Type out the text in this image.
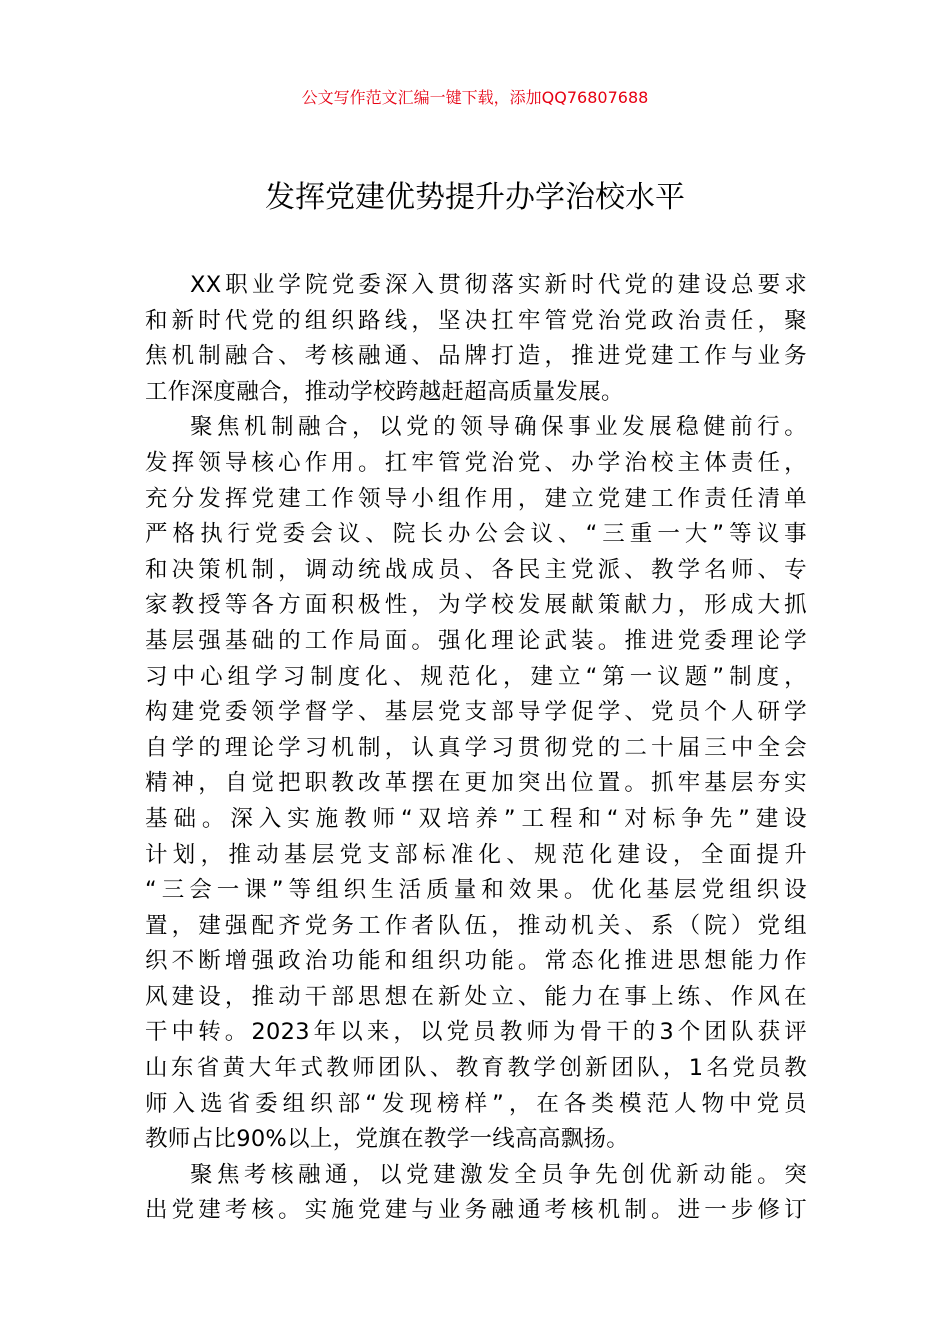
公文写作范文汇编一键下载，添加QQ76807688
发挥党建优势提升办学治校水平
XX职业学院党委深入贯彻落实新时代党的建设总要求
和新时代党的组织路线，坚决扛牢管党治党政治责任，聚
焦机制融合、考核融通、品牌打造，推进党建工作与业务
工作深度融合，推动学校跨越赶超高质量发展。
聚焦机制融合，以党的领导确保事业发展稳健前行。
发挥领导核心作用。扛牢管党治党、办学治校主体责任，
充分发挥党建工作领导小组作用，建立党建工作责任清单
严格执行党委会议、院长办公会议、“三重一大”等议事
和决策机制，调动统战成员、各民主党派、教学名师、专
家教授等各方面积极性，为学校发展献策献力，形成大抓
基层强基础的工作局面。强化理论武装。推进党委理论学
习中心组学习制度化、规范化，建立“第一议题”制度，
构建党委领学督学、基层党支部导学促学、党员个人研学
自学的理论学习机制，认真学习贯彻党的二十届三中全会
精神，自觉把职教改革摆在更加突出位置。抓牢基层夯实
基础。深入实施教师“双培养”工程和“对标争先”建设
计划，推动基层党支部标准化、规范化建设，全面提升
“三会一课”等组织生活质量和效果。优化基层党组织设
置，建强配齐党务工作者队伍，推动机关、系（院）党组
织不断增强政治功能和组织功能。常态化推进思想能力作
风建设，推动干部思想在新处立、能力在事上练、作风在
干中转。2023年以来，以党员教师为骨干的3个团队获评
山东省黄大年式教师团队、教育教学创新团队，1名党员教
师入选省委组织部“发现榜样”，在各类模范人物中党员
教师占比90%以上，党旗在教学一线高高飘扬。
聚焦考核融通，以党建激发全员争先创优新动能。突
出党建考核。实施党建与业务融通考核机制。进一步修订
